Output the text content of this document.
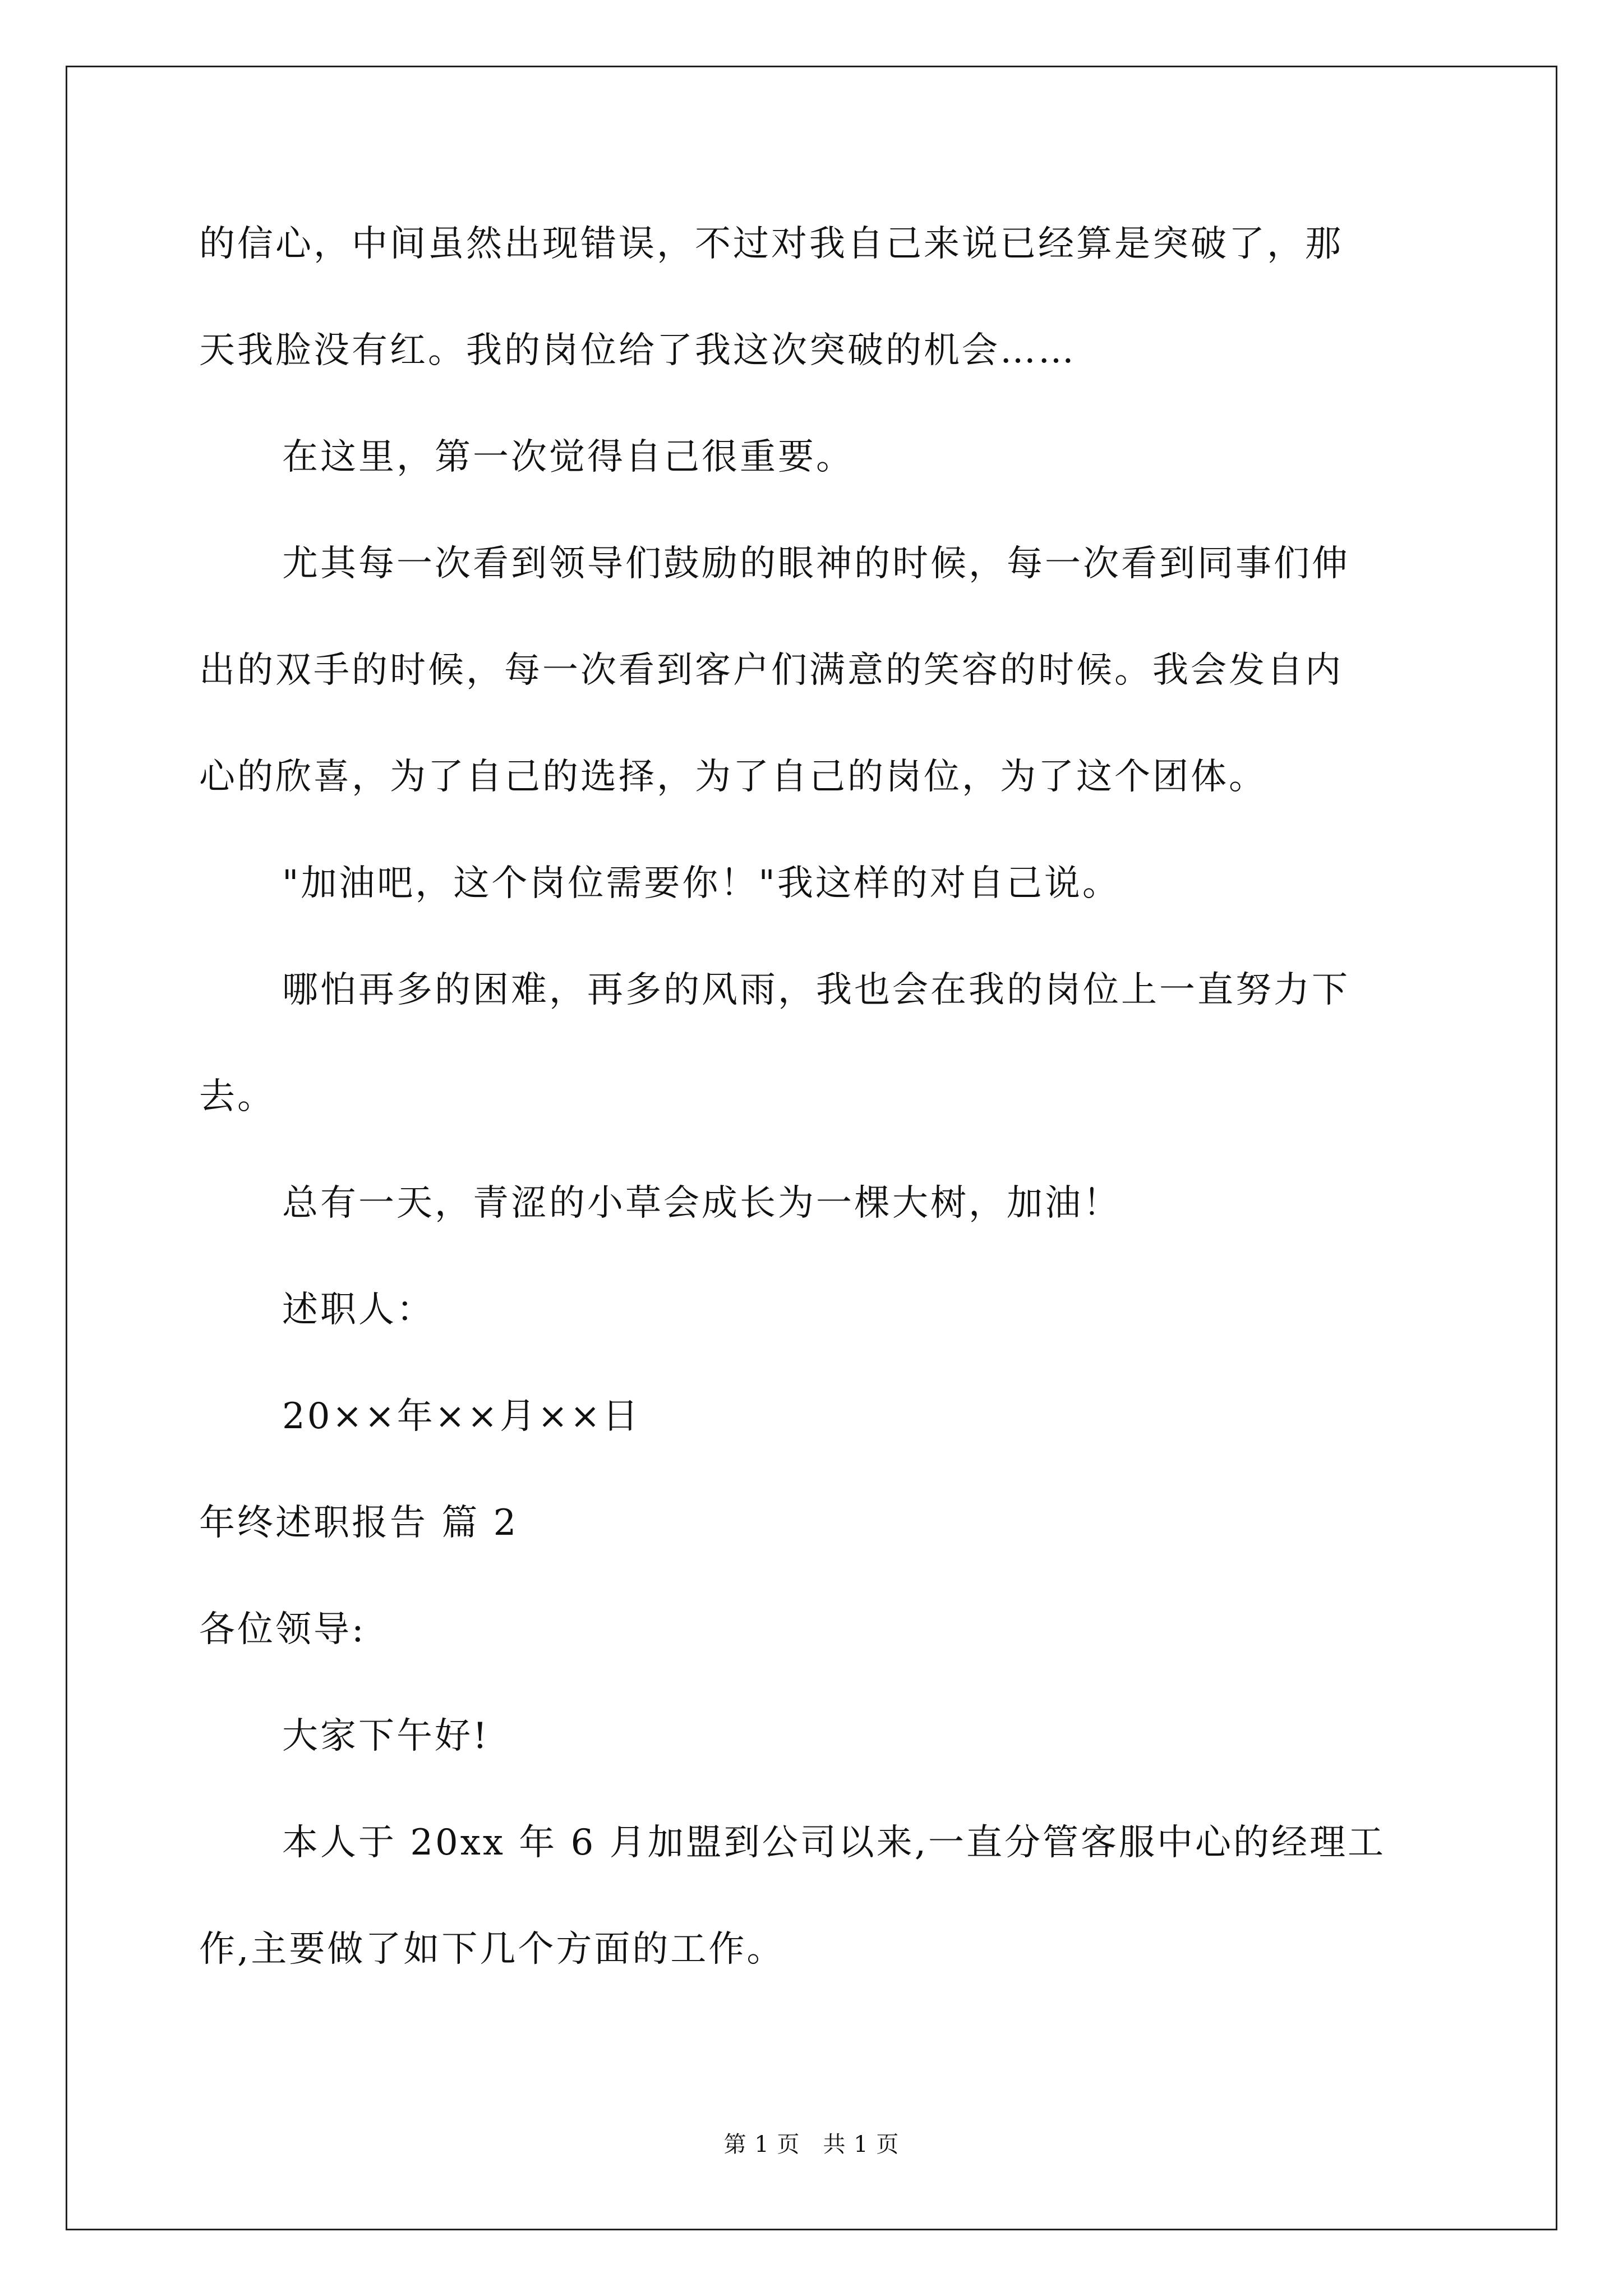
的信心，中间虽然出现错误，不过对我自己来说已经算是突破了，那
天我脸没有红。我的岗位给了我这次突破的机会……
在这里，第一次觉得自己很重要。
尤其每一次看到领导们鼓励的眼神的时候，每一次看到同事们伸
出的双手的时候，每一次看到客户们满意的笑容的时候。我会发自内
心的欣喜，为了自己的选择，为了自己的岗位，为了这个团体。
"加油吧，这个岗位需要你！"我这样的对自己说。
哪怕再多的困难，再多的风雨，我也会在我的岗位上一直努力下
去。
总有一天，青涩的小草会成长为一棵大树，加油！
述职人：
20××年××月××日
年终述职报告 篇 2
各位领导:
大家下午好!
本人于 20xx 年 6 月加盟到公司以来,一直分管客服中心的经理工
作,主要做了如下几个方面的工作。
第 1 页　共 1 页
